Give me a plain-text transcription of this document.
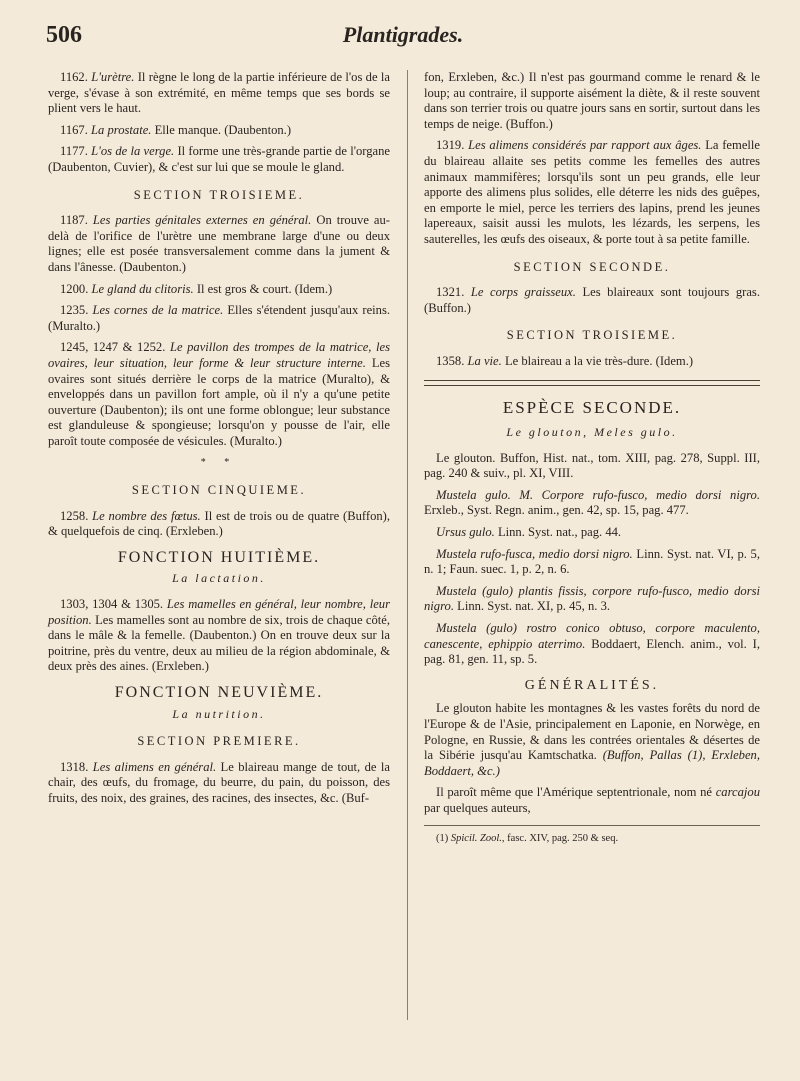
506	Plantigrades.

1162. L'urètre. Il règne le long de la partie inférieure de l'os de la verge, s'évase à son extrémité, en même temps que ses bords se plient vers le haut.

1167. La prostate. Elle manque. (Daubenton.)

1177. L'os de la verge. Il forme une très-grande partie de l'organe (Daubenton, Cuvier), & c'est sur lui que se moule le gland.

SECTION TROISIEME.

1187. Les parties génitales externes en général. On trouve au-delà de l'orifice de l'urètre une membrane large d'une ou deux lignes; elle est posée transversalement comme dans la jument & dans l'ânesse. (Daubenton.)

1200. Le gland du clitoris. Il est gros & court. (Idem.)

1235. Les cornes de la matrice. Elles s'étendent jusqu'aux reins. (Muralto.)

1245, 1247 & 1252. Le pavillon des trompes de la matrice, les ovaires, leur situation, leur forme & leur structure interne. Les ovaires sont situés derrière le corps de la matrice (Muralto), & enveloppés dans un pavillon fort ample, où il n'y a qu'une petite ouverture (Daubenton); ils ont une forme oblongue; leur substance est glanduleuse & spongieuse; lorsqu'on y pousse de l'air, elle paroît toute composée de vésicules. (Muralto.)

* *
SECTION CINQUIEME.

1258. Le nombre des fœtus. Il est de trois ou de quatre (Buffon), & quelquefois de cinq. (Erxleben.)

FONCTION HUITIÈME.
La lactation.

1303, 1304 & 1305. Les mamelles en général, leur nombre, leur position. Les mamelles sont au nombre de six, trois de chaque côté, dans le mâle & la femelle. (Daubenton.) On en trouve deux sur la poitrine, près du ventre, deux au milieu de la région abdominale, & deux près des aines. (Erxleben.)

FONCTION NEUVIÈME.
La nutrition.
SECTION PREMIERE.

1318. Les alimens en général. Le blaireau mange de tout, de la chair, des œufs, du fromage, du beurre, du pain, du poisson, des fruits, des noix, des graines, des racines, des insectes, &c. (Buf-

fon, Erxleben, &c.) Il n'est pas gourmand comme le renard & le loup; au contraire, il supporte aisément la diète, & il reste souvent dans son terrier trois ou quatre jours sans en sortir, surtout dans les temps de neige. (Buffon.)

1319. Les alimens considérés par rapport aux âges. La femelle du blaireau allaite ses petits comme les femelles des autres animaux mammifères; lorsqu'ils sont un peu grands, elle leur apporte des alimens plus solides, elle déterre les nids des guêpes, en emporte le miel, perce les terriers des lapins, prend les jeunes lapereaux, saisit aussi les mulots, les lézards, les serpens, les sauterelles, les œufs des oiseaux, & porte tout à sa petite famille.

SECTION SECONDE.

1321. Le corps graisseux. Les blaireaux sont toujours gras. (Buffon.)

SECTION TROISIEME.

1358. La vie. Le blaireau a la vie très-dure. (Idem.)

ESPÈCE SECONDE.
Le glouton, Meles gulo.

Le glouton. Buffon, Hist. nat., tom. XIII, pag. 278, Suppl. III, pag. 240 & suiv., pl. XI, VIII.

Mustela gulo. M. Corpore rufo-fusco, medio dorsi nigro. Erxleb., Syst. Regn. anim., gen. 42, sp. 15, pag. 477.

Ursus gulo. Linn. Syst. nat., pag. 44.

Mustela rufo-fusca, medio dorsi nigro. Linn. Syst. nat. VI, p. 5, n. 1; Faun. suec. 1, p. 2, n. 6.

Mustela (gulo) plantis fissis, corpore rufo-fusco, medio dorsi nigro. Linn. Syst. nat. XI, p. 45, n. 3.

Mustela (gulo) rostro conico obtuso, corpore maculento, canescente, ephippio aterrimo. Boddaert, Elench. anim., vol. I, pag. 81, gen. 11, sp. 5.

GÉNÉRALITÉS.

Le glouton habite les montagnes & les vastes forêts du nord de l'Europe & de l'Asie, principalement en Laponie, en Norwège, en Pologne, en Russie, & dans les contrées orientales & désertes de la Sibérie jusqu'au Kamtschatka. (Buffon, Pallas (1), Erxleben, Boddaert, &c.)

Il paroît même que l'Amérique septentrionale, nom né carcajou par quelques auteurs,

(1) Spicil. Zool., fasc. XIV, pag. 250 & seq.
